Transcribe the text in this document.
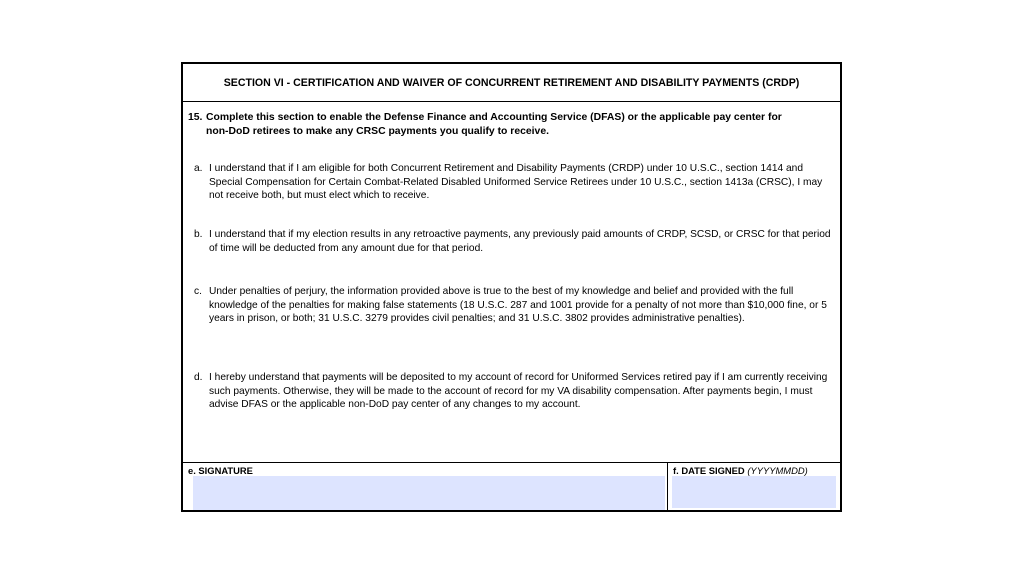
SECTION VI - CERTIFICATION AND WAIVER OF CONCURRENT RETIREMENT AND DISABILITY PAYMENTS (CRDP)
15. Complete this section to enable the Defense Finance and Accounting Service (DFAS) or the applicable pay center for
non-DoD retirees to make any CRSC payments you qualify to receive.
a. I understand that if I am eligible for both Concurrent Retirement and Disability Payments (CRDP) under 10 U.S.C., section 1414 and Special Compensation for Certain Combat-Related Disabled Uniformed Service Retirees under 10 U.S.C., section 1413a (CRSC), I may not receive both, but must elect which to receive.
b. I understand that if my election results in any retroactive payments, any previously paid amounts of CRDP, SCSD, or CRSC for that period of time will be deducted from any amount due for that period.
c. Under penalties of perjury, the information provided above is true to the best of my knowledge and belief and provided with the full knowledge of the penalties for making false statements (18 U.S.C. 287 and 1001 provide for a penalty of not more than $10,000 fine, or 5 years in prison, or both; 31 U.S.C. 3279 provides civil penalties; and 31 U.S.C. 3802 provides administrative penalties).
d. I hereby understand that payments will be deposited to my account of record for Uniformed Services retired pay if I am currently receiving such payments. Otherwise, they will be made to the account of record for my VA disability compensation. After payments begin, I must advise DFAS or the applicable non-DoD pay center of any changes to my account.
e. SIGNATURE	f. DATE SIGNED (YYYYMMDD)
